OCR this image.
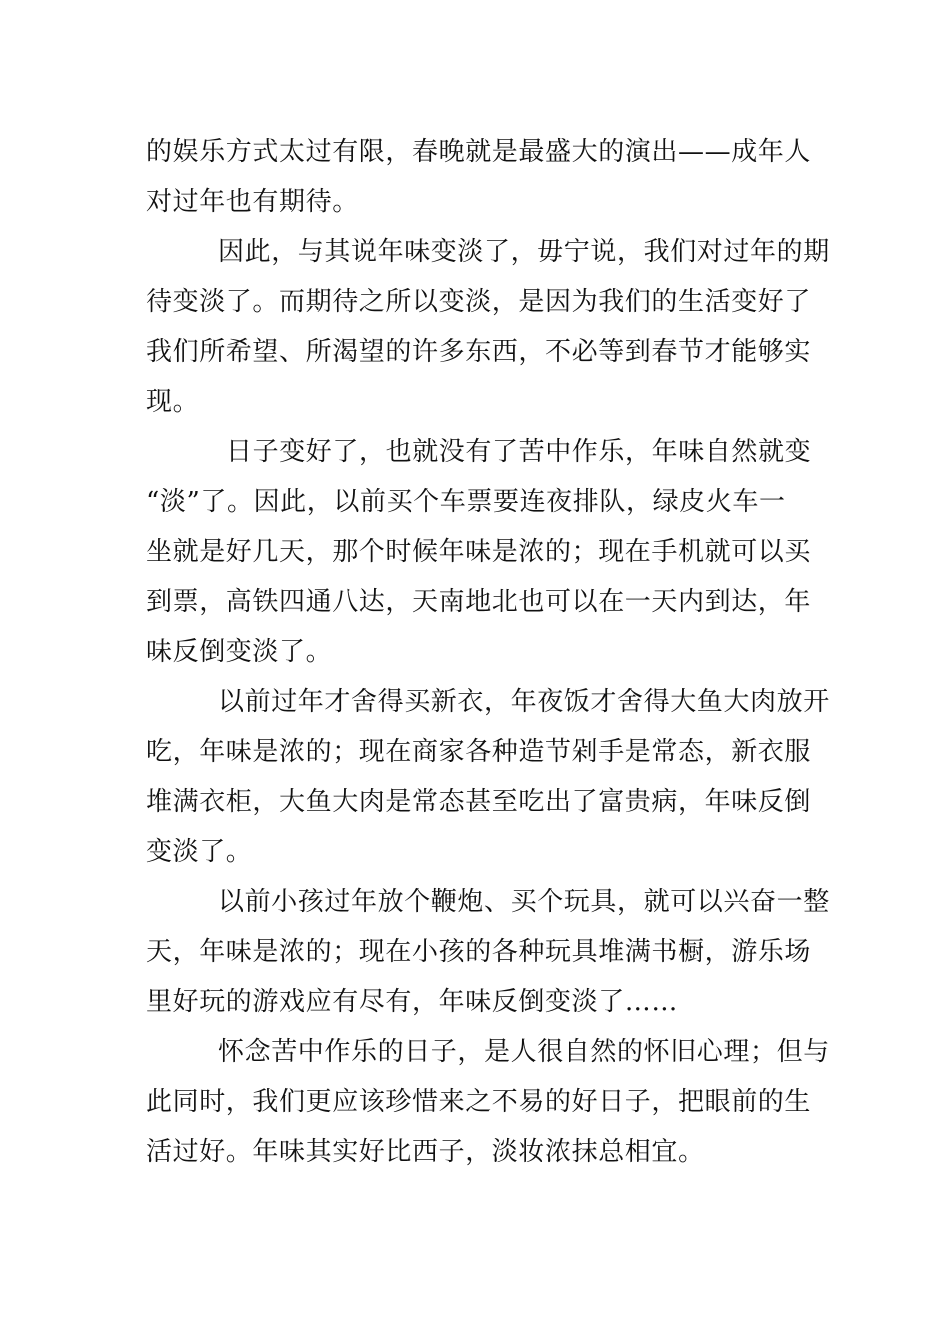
的娱乐方式太过有限，春晚就是最盛大的演出——成年人
对过年也有期待。
因此，与其说年味变淡了，毋宁说，我们对过年的期
待变淡了。而期待之所以变淡，是因为我们的生活变好了
我们所希望、所渴望的许多东西，不必等到春节才能够实
现。
日子变好了，也就没有了苦中作乐，年味自然就变
“淡”了。因此，以前买个车票要连夜排队，绿皮火车一
坐就是好几天，那个时候年味是浓的；现在手机就可以买
到票，高铁四通八达，天南地北也可以在一天内到达，年
味反倒变淡了。
以前过年才舍得买新衣，年夜饭才舍得大鱼大肉放开
吃，年味是浓的；现在商家各种造节剁手是常态，新衣服
堆满衣柜，大鱼大肉是常态甚至吃出了富贵病，年味反倒
变淡了。
以前小孩过年放个鞭炮、买个玩具，就可以兴奋一整
天，年味是浓的；现在小孩的各种玩具堆满书橱，游乐场
里好玩的游戏应有尽有，年味反倒变淡了……
怀念苦中作乐的日子，是人很自然的怀旧心理；但与
此同时，我们更应该珍惜来之不易的好日子，把眼前的生
活过好。年味其实好比西子，淡妆浓抹总相宜。
